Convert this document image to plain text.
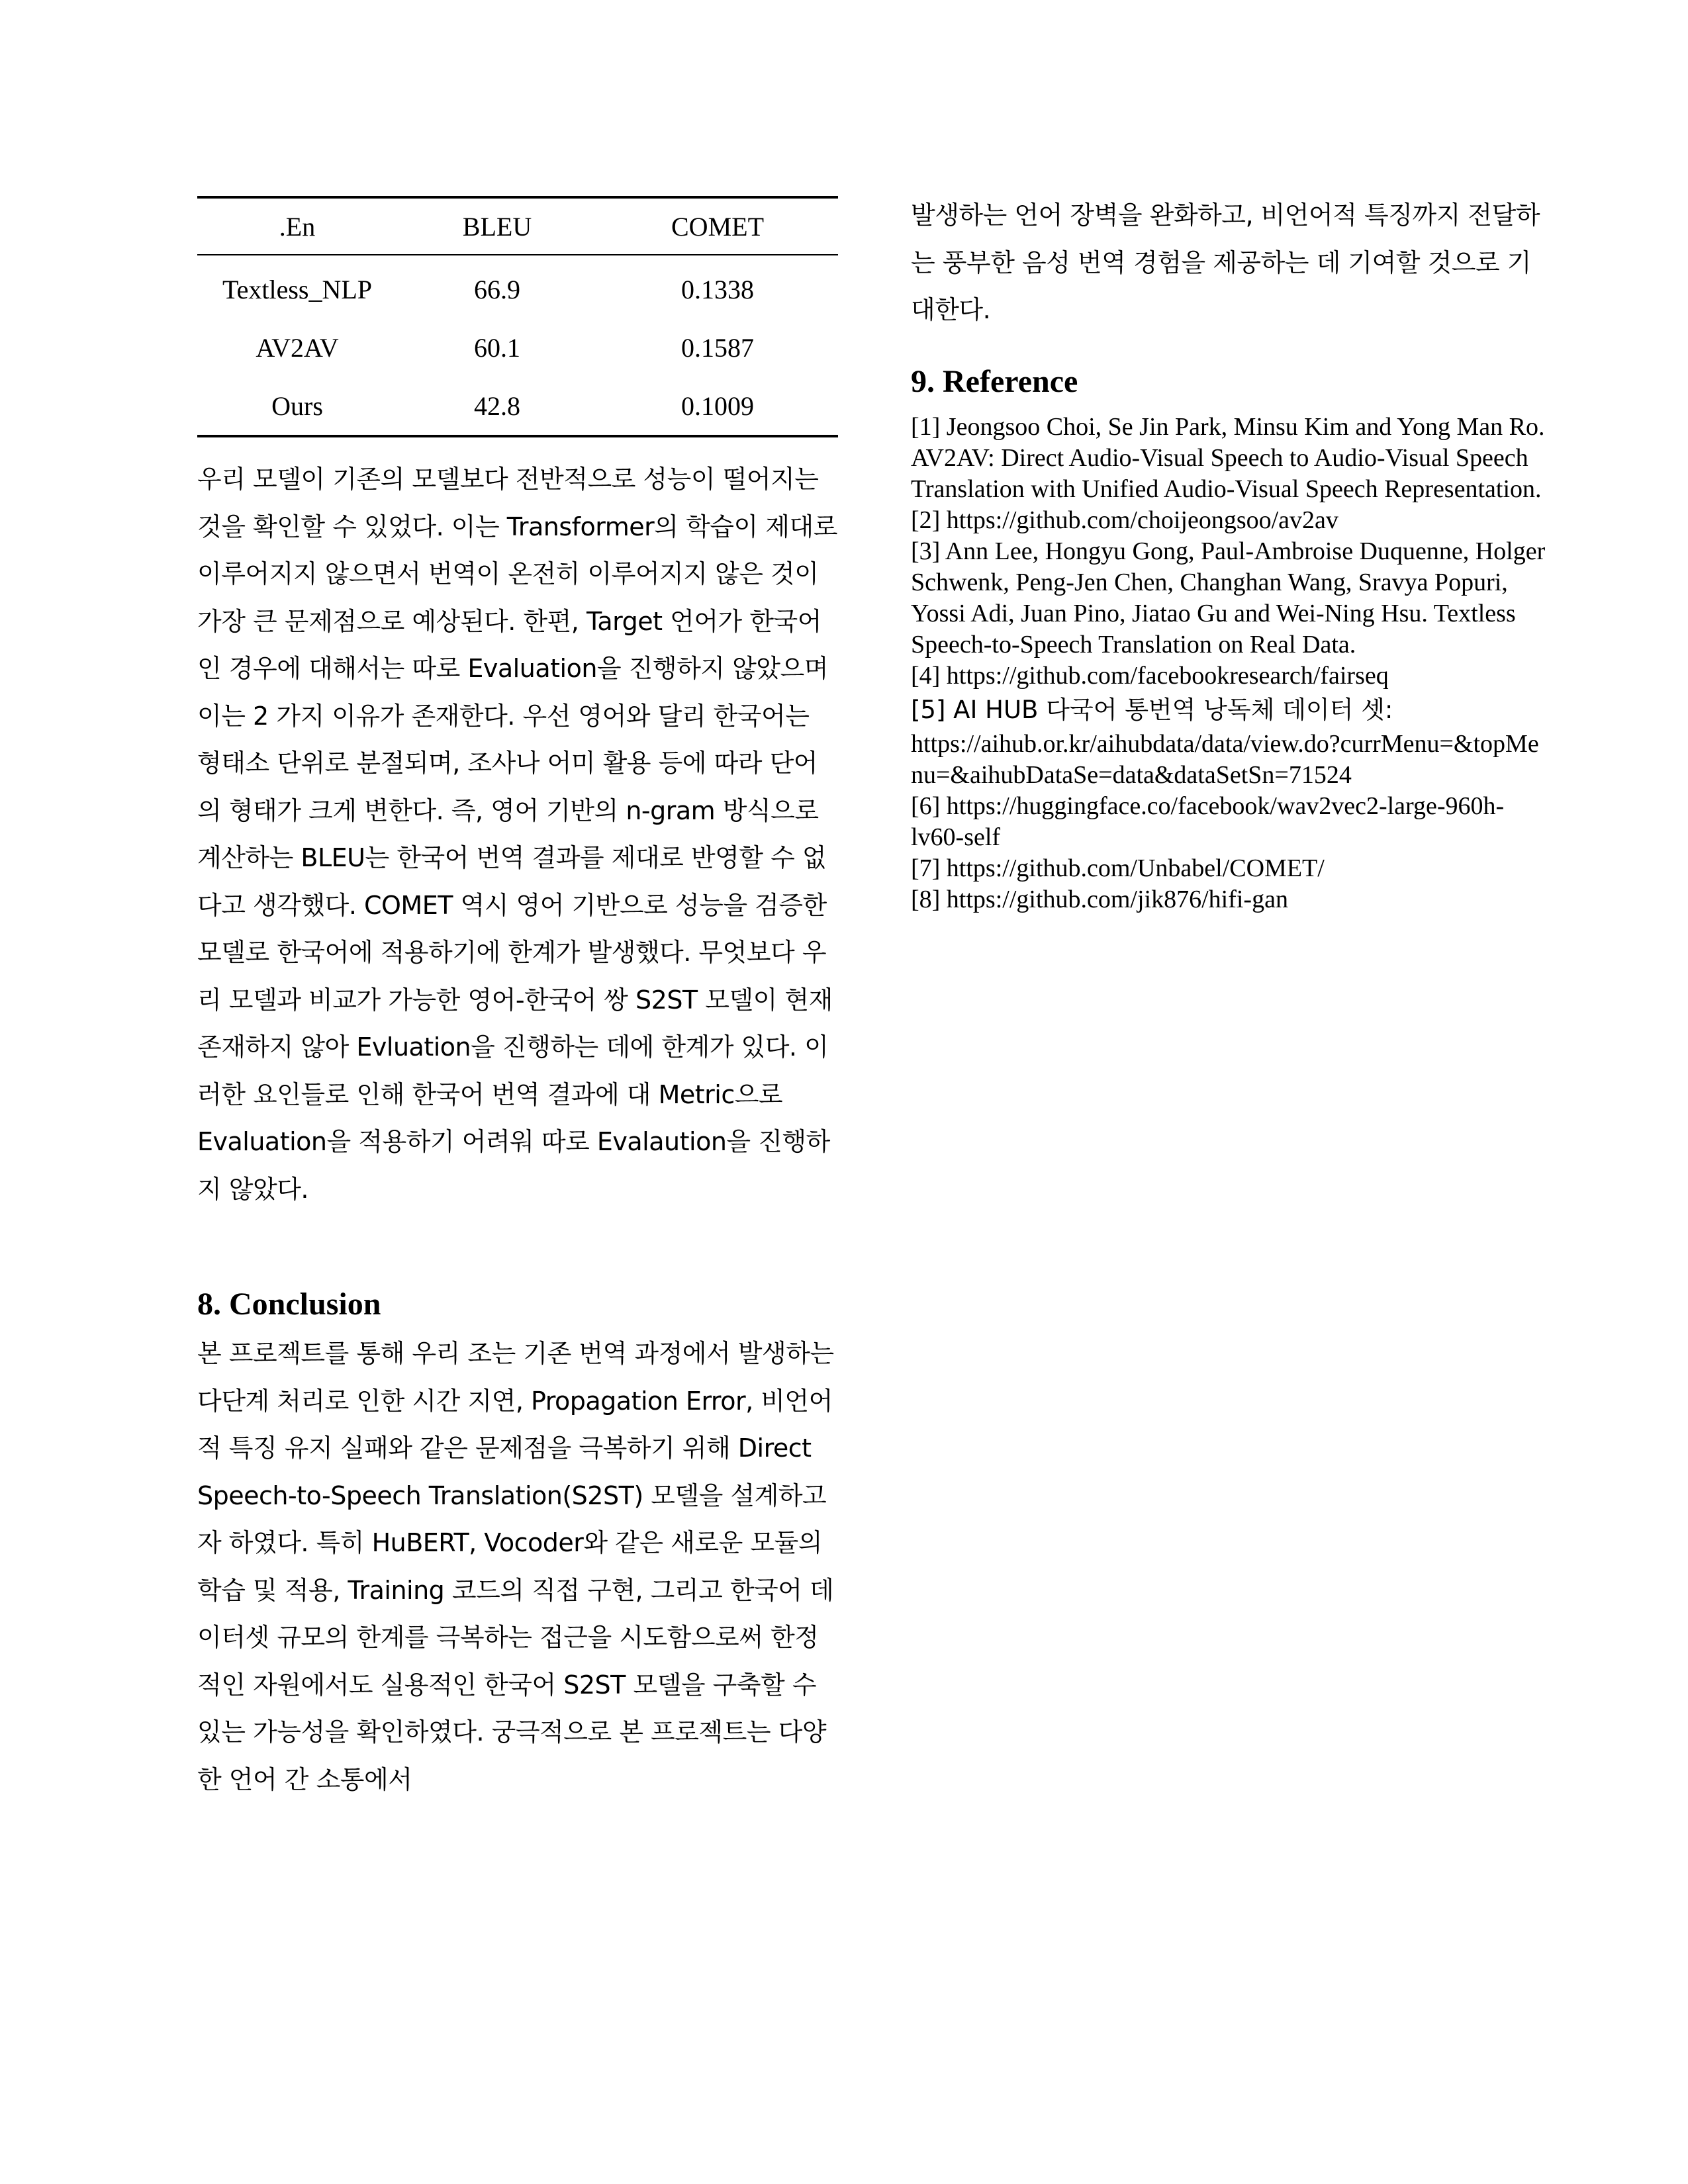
.En	BLEU	COMET
Textless_NLP	66.9	0.1338
AV2AV	60.1	0.1587
Ours	42.8	0.1009

우리 모델이 기존의 모델보다 전반적으로 성능이 떨어지는 것을 확인할 수 있었다. 이는 Transformer의 학습이 제대로 이루어지지 않으면서 번역이 온전히 이루어지지 않은 것이 가장 큰 문제점으로 예상된다. 한편, Target 언어가 한국어인 경우에 대해서는 따로 Evaluation을 진행하지 않았으며 이는 2 가지 이유가 존재한다. 우선 영어와 달리 한국어는 형태소 단위로 분절되며, 조사나 어미 활용 등에 따라 단어의 형태가 크게 변한다. 즉, 영어 기반의 n-gram 방식으로 계산하는 BLEU는 한국어 번역 결과를 제대로 반영할 수 없다고 생각했다. COMET 역시 영어 기반으로 성능을 검증한 모델로 한국어에 적용하기에 한계가 발생했다. 무엇보다 우리 모델과 비교가 가능한 영어-한국어 쌍 S2ST 모델이 현재 존재하지 않아 Evluation을 진행하는 데에 한계가 있다. 이러한 요인들로 인해 한국어 번역 결과에 대 Metric으로 Evaluation을 적용하기 어려워 따로 Evalaution을 진행하지 않았다.

8. Conclusion

본 프로젝트를 통해 우리 조는 기존 번역 과정에서 발생하는 다단계 처리로 인한 시간 지연, Propagation Error, 비언어적 특징 유지 실패와 같은 문제점을 극복하기 위해 Direct Speech-to-Speech Translation(S2ST) 모델을 설계하고자 하였다. 특히 HuBERT, Vocoder와 같은 새로운 모듈의 학습 및 적용, Training 코드의 직접 구현, 그리고 한국어 데이터셋 규모의 한계를 극복하는 접근을 시도함으로써 한정적인 자원에서도 실용적인 한국어 S2ST 모델을 구축할 수 있는 가능성을 확인하였다. 궁극적으로 본 프로젝트는 다양한 언어 간 소통에서

발생하는 언어 장벽을 완화하고, 비언어적 특징까지 전달하는 풍부한 음성 번역 경험을 제공하는 데 기여할 것으로 기대한다.

9. Reference

[1] Jeongsoo Choi, Se Jin Park, Minsu Kim and Yong Man Ro. AV2AV: Direct Audio-Visual Speech to Audio-Visual Speech Translation with Unified Audio-Visual Speech Representation.

[2] https://github.com/choijeongsoo/av2av

[3] Ann Lee, Hongyu Gong, Paul-Ambroise Duquenne, Holger Schwenk, Peng-Jen Chen, Changhan Wang, Sravya Popuri, Yossi Adi, Juan Pino, Jiatao Gu and Wei-Ning Hsu. Textless Speech-to-Speech Translation on Real Data.

[4] https://github.com/facebookresearch/fairseq

[5] AI HUB 다국어 통번역 낭독체 데이터 셋:

https://aihub.or.kr/aihubdata/data/view.do?currMenu=&topMenu=&aihubDataSe=data&dataSetSn=71524

[6] https://huggingface.co/facebook/wav2vec2-large-960h-lv60-self

[7] https://github.com/Unbabel/COMET/

[8] https://github.com/jik876/hifi-gan
